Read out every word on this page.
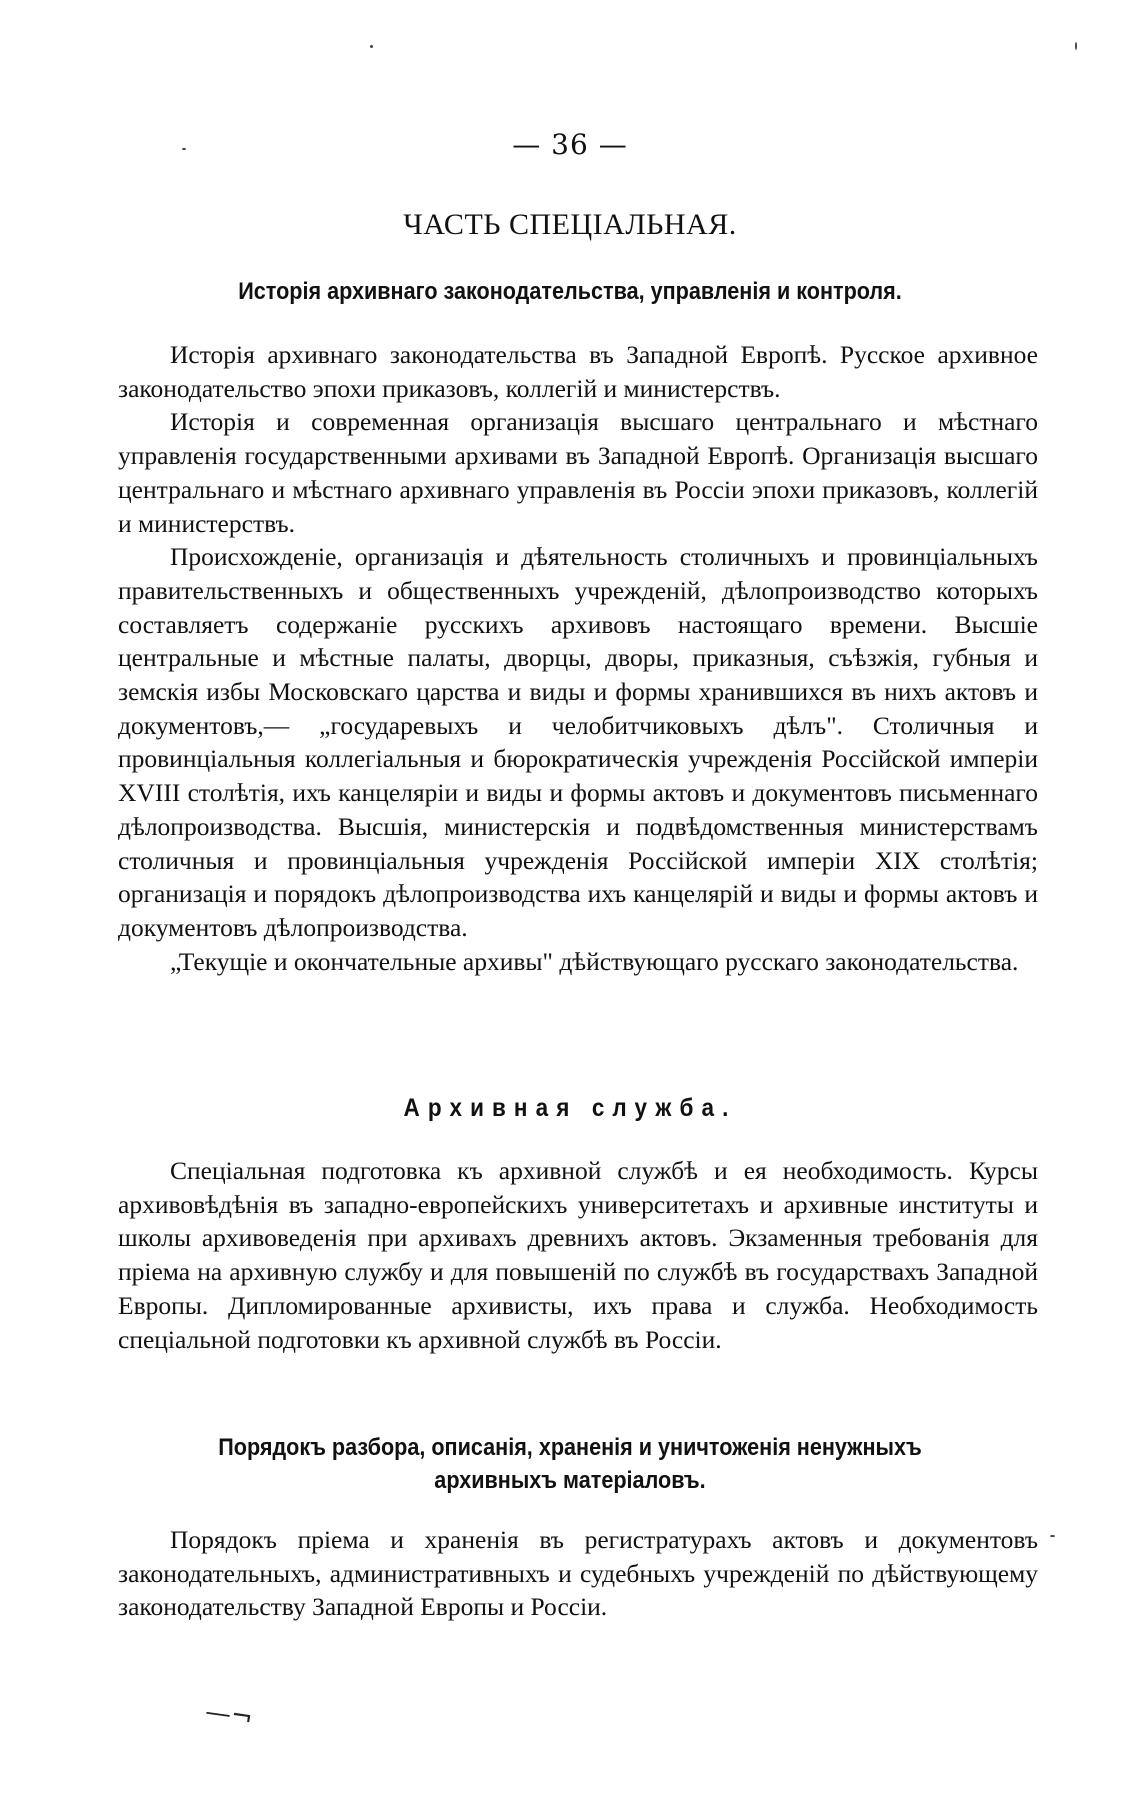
— 36 —
ЧАСТЬ СПЕЦІАЛЬНАЯ.
Исторія архивнаго законодательства, управленія и контроля.

Исторія архивнаго законодательства въ Западной Европѣ. Русское архивное законодательство эпохи приказовъ, коллегій и министерствъ.

Исторія и современная организація высшаго центральнаго и мѣстнаго управленія государственными архивами въ Западной Европѣ. Организація высшаго центральнаго и мѣстнаго архивнаго управленія въ Россіи эпохи приказовъ, коллегій и министерствъ.

Происхожденіе, организація и дѣятельность столичныхъ и провинціальныхъ правительственныхъ и общественныхъ учрежденій, дѣлопроизводство которыхъ составляетъ содержаніе русскихъ архивовъ настоящаго времени. Высшіе центральные и мѣстные палаты, дворцы, дворы, приказныя, съѣзжія, губныя и земскія избы Московскаго царства и виды и формы хранившихся въ нихъ актовъ и документовъ,— „государевыхъ и челобитчиковыхъ дѣлъ". Столичныя и провинціальныя коллегіальныя и бюрократическія учрежденія Россійской имперіи XVIII столѣтія, ихъ канцеляріи и виды и формы актовъ и документовъ письменнаго дѣлопроизводства. Высшія, министерскія и подвѣдомственныя министерствамъ столичныя и провинціальныя учрежденія Россійской имперіи XIX столѣтія; организація и порядокъ дѣлопроизводства ихъ канцелярій и виды и формы актовъ и документовъ дѣлопроизводства.

„Текущіе и окончательные архивы" дѣйствующаго русскаго законодательства.

Архивная служба.

Спеціальная подготовка къ архивной службѣ и ея необходимость. Курсы архивовѣдѣнія въ западно-европейскихъ университетахъ и архивные институты и школы архивоведенія при архивахъ древнихъ актовъ. Экзаменныя требованія для пріема на архивную службу и для повышеній по службѣ въ государствахъ Западной Европы. Дипломированные архивисты, ихъ права и служба. Необходимость спеціальной подготовки къ архивной службѣ въ Россіи.

Порядокъ разбора, описанія, храненія и уничтоженія ненужныхъ архивныхъ матеріаловъ.

Порядокъ пріема и храненія въ регистратурахъ актовъ и документовъ законодательныхъ, административныхъ и судебныхъ учрежденій по дѣйствующему законодательству Западной Европы и Россіи.

—¬
